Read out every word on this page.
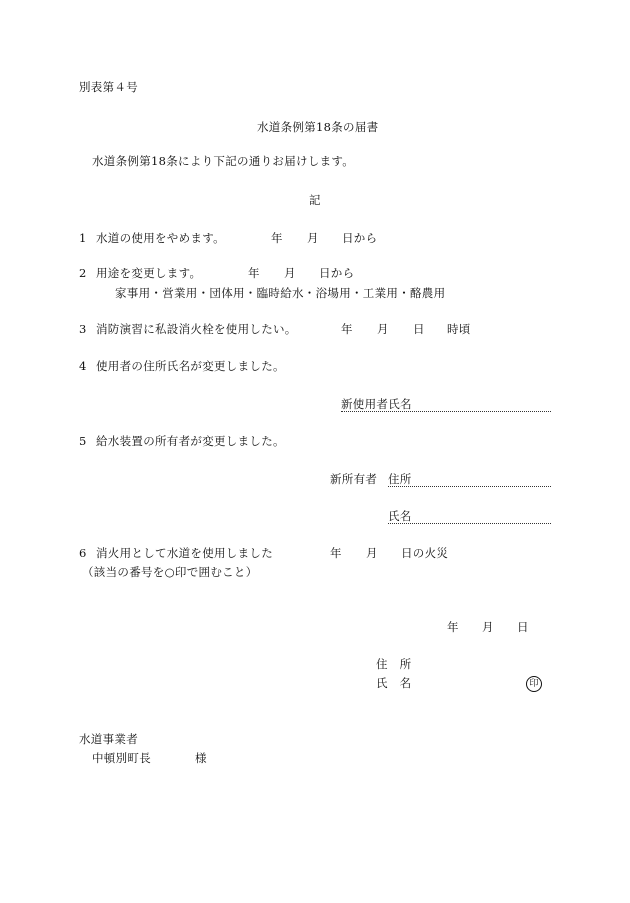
別表第４号
水道条例第18条の届書
水道条例第18条により下記の通りお届けします。
記
1 水道の使用をやめます。	年 月 日から
2 用途を変更します。	年 月 日から
家事用・営業用・団体用・臨時給水・浴場用・工業用・酪農用
3 消防演習に私設消火栓を使用したい。	年 月 日 時頃
4 使用者の住所氏名が変更しました。
新使用者氏名
5 給水装置の所有者が変更しました。
新所有者 住所
氏名
6 消火用として水道を使用しました	年 月 日の火災
（該当の番号を○印で囲むこと）
年 月 日
住　所
氏　名	印
水道事業者
中頓別町長	様
